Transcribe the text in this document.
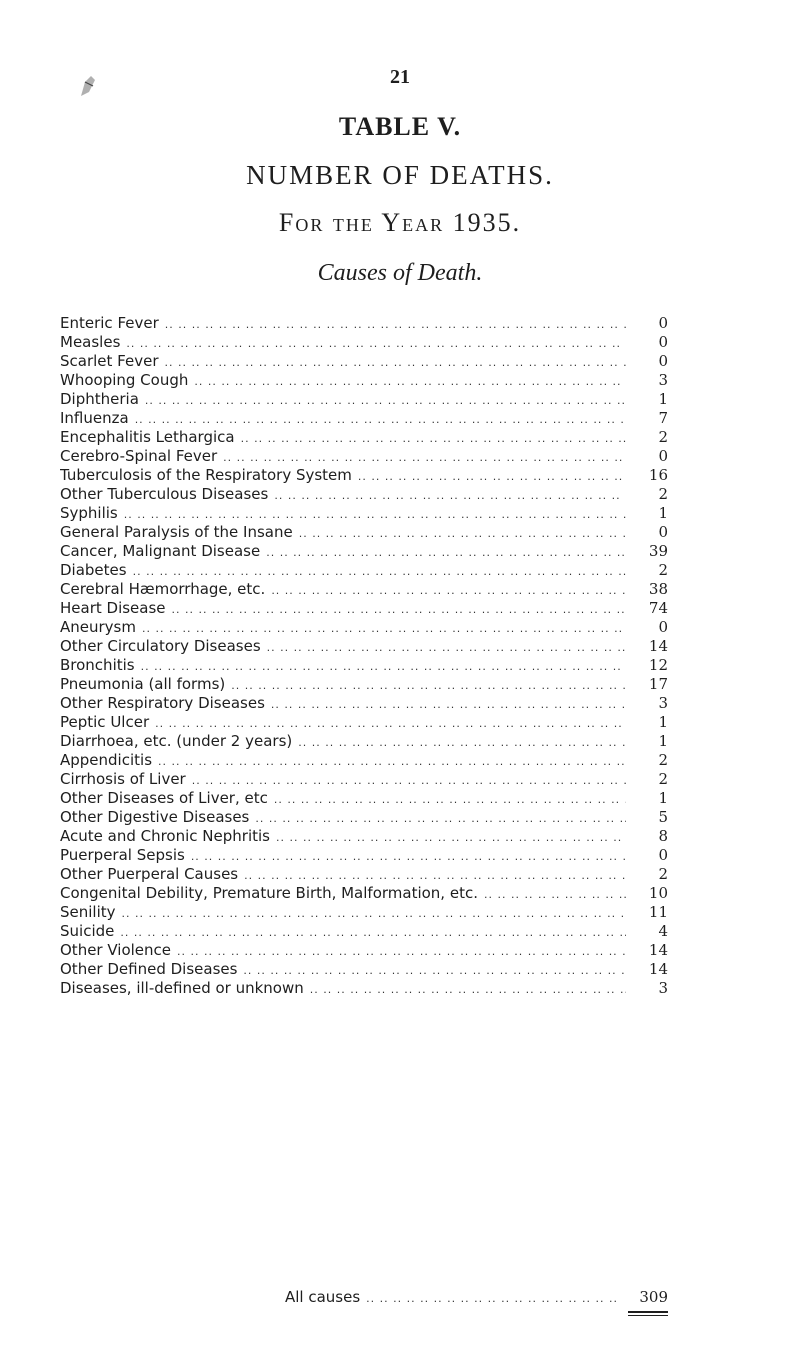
21
TABLE V.
NUMBER OF DEATHS.
For the Year 1935.
Causes of Death.
Enteric Fever .. ..	0
Measles .. ..	0
Scarlet Fever .. ..	0
Whooping Cough .. ..	3
Diphtheria .. ..	1
Influenza .. ..	7
Encephalitis Lethargica .. ..	2
Cerebro-Spinal Fever .. ..	0
Tuberculosis of the Respiratory System .. ..	16
Other Tuberculous Diseases .. ..	2
Syphilis .. ..	1
General Paralysis of the Insane .. ..	0
Cancer, Malignant Disease .. ..	39
Diabetes .. ..	2
Cerebral Hæmorrhage, etc. .. ..	38
Heart Disease .. ..	74
Aneurysm .. ..	0
Other Circulatory Diseases .. ..	14
Bronchitis .. ..	12
Pneumonia (all forms) .. ..	17
Other Respiratory Diseases .. ..	3
Peptic Ulcer .. ..	1
Diarrhoea, etc. (under 2 years) .. ..	1
Appendicitis .. ..	2
Cirrhosis of Liver .. ..	2
Other Diseases of Liver, etc .. ..	1
Other Digestive Diseases .. ..	5
Acute and Chronic Nephritis .. ..	8
Puerperal Sepsis .. ..	0
Other Puerperal Causes .. ..	2
Congenital Debility, Premature Birth, Malformation, etc. .. ..	10
Senility .. ..	11
Suicide .. ..	4
Other Violence .. ..	14
Other Defined Diseases .. ..	14
Diseases, ill-defined or unknown .. ..	3
All causes .. ..	309
